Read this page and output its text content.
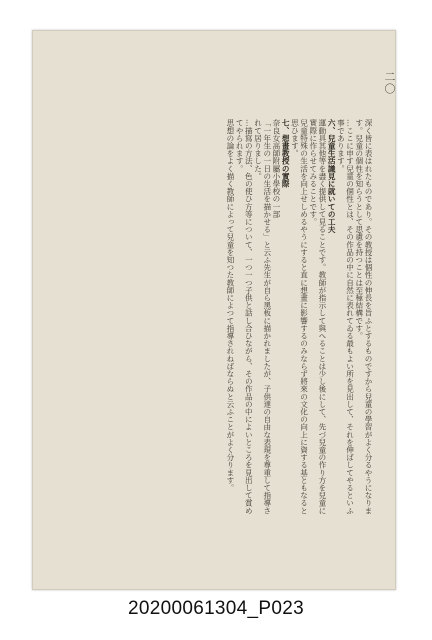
二〇

深く皆に表はれたものであり。その教授は個性の伸長を旨ふとするものですから兒童の學習がよく分るやうになります。兒童の個性を知らうとして思慮を持つことは至極結構です。

…ここに申す兒童の個性とは、その作品の中に自然に表れてゐる最もよい所を見出して、それを伸ばしてやるといふ事であります。

六、兒童生活識見に就いての工夫

運動具其他等を盡く提供して見ることです。教師が指示して與へることは少し後にして、先づ兒童の作り方を兒童に實際に作らせてみることです。

兒童特殊の生活を向上せしめるやうにすると直に想畫に影響するのみならず將來の文化の向上に資する基ともなると思ひます。

七、想畫教授の實際

奈良女高師附屬小學校の一部

「一年生の一日の生活を描かせる」と云ふ先生が自ら黑板に描かれましたが、子供達の自由な表現を尊重して指導されて居りました。

…描寫の方法、色の使ひ方等について、一つ一つ子供と話し合ひながら、その作品の中によいところを見出して賞めてやられます。

思想の論をよく描く教師によって兒童を知つた教師によつて指導されねばならぬと云ふことがよく分ります。

20200061304_P023
